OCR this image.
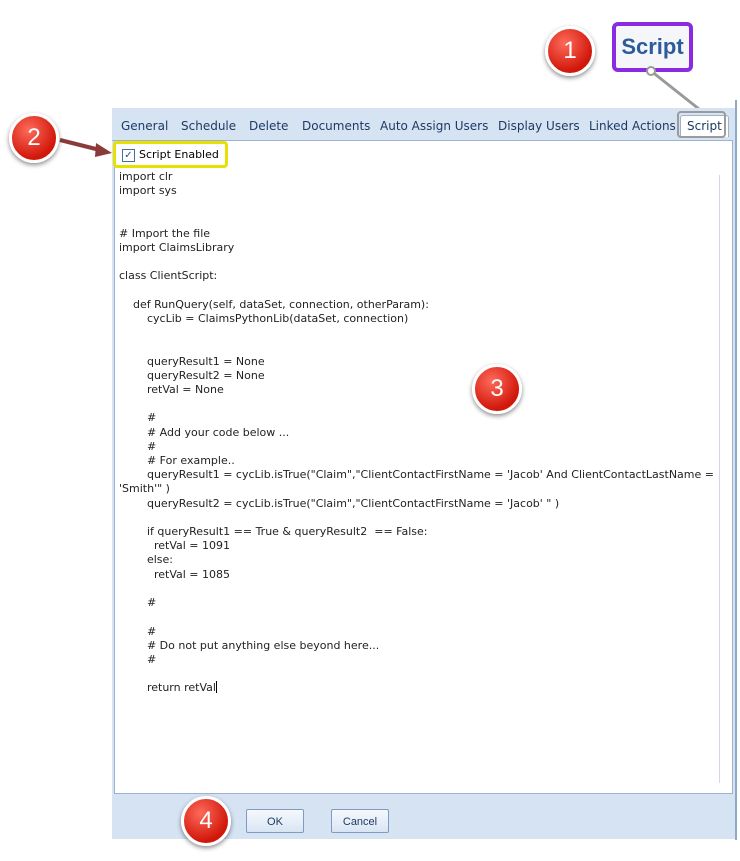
Script
General Schedule Delete Documents Auto Assign Users Display Users Linked Actions Script
✓ Script Enabled
import clr
import sys

# Import the file
import ClaimsLibrary

class ClientScript:

def RunQuery(self, dataSet, connection, otherParam):
cycLib = ClaimsPythonLib(dataSet, connection)

queryResult1 = None
queryResult2 = None
retVal = None

#
# Add your code below ...
#
# For example..
queryResult1 = cycLib.isTrue("Claim","ClientContactFirstName = 'Jacob' And ClientContactLastName =
'Smith'" )
queryResult2 = cycLib.isTrue("Claim","ClientContactFirstName = 'Jacob' " )

if queryResult1 == True & queryResult2  == False:
retVal = 1091
else:
retVal = 1085

#

#
# Do not put anything else beyond here...
#

return retVal
OK	Cancel
1
2
3
4
